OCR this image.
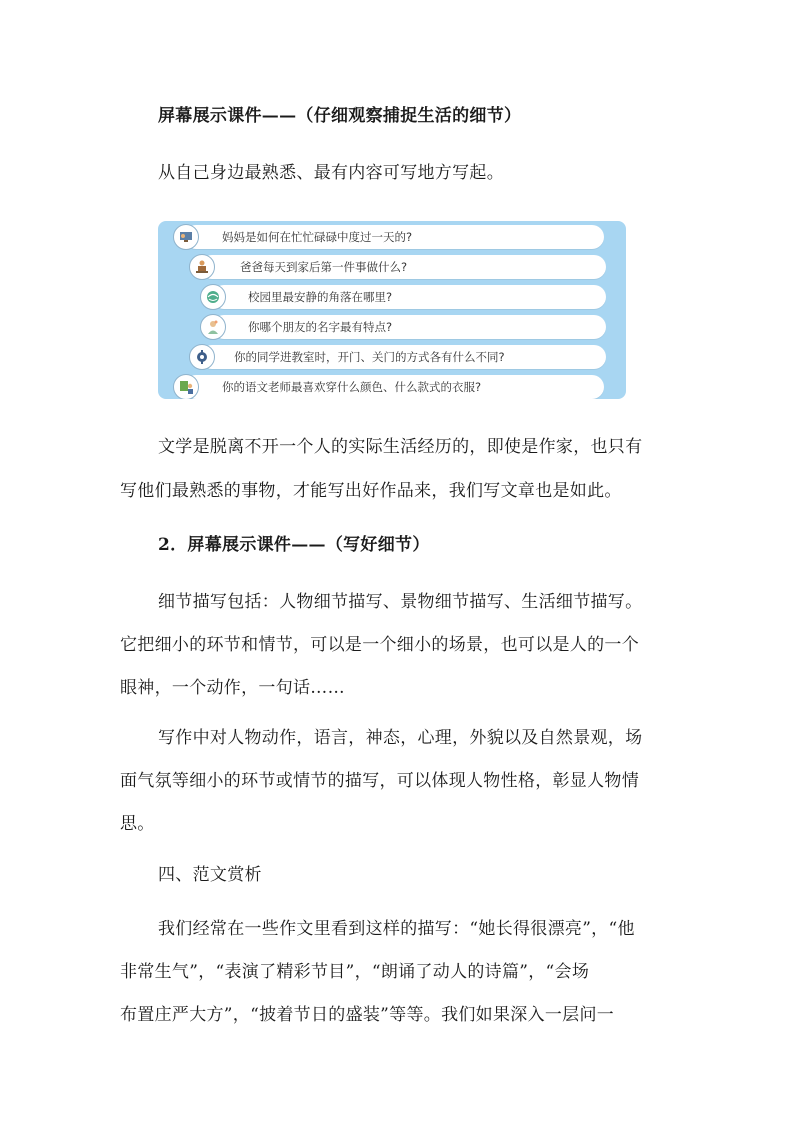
屏幕展示课件——（仔细观察捕捉生活的细节）
从自己身边最熟悉、最有内容可写地方写起。
妈妈是如何在忙忙碌碌中度过一天的?
爸爸每天到家后第一件事做什么?
校园里最安静的角落在哪里?
你哪个朋友的名字最有特点?
你的同学进教室时，开门、关门的方式各有什么不同?
你的语文老师最喜欢穿什么颜色、什么款式的衣服?
文学是脱离不开一个人的实际生活经历的，即使是作家，也只有
写他们最熟悉的事物，才能写出好作品来，我们写文章也是如此。
2．屏幕展示课件——（写好细节）
细节描写包括：人物细节描写、景物细节描写、生活细节描写。
它把细小的环节和情节，可以是一个细小的场景，也可以是人的一个
眼神，一个动作，一句话……
写作中对人物动作，语言，神态，心理，外貌以及自然景观，场
面气氛等细小的环节或情节的描写，可以体现人物性格，彰显人物情
思。
四、范文赏析
我们经常在一些作文里看到这样的描写：“她长得很漂亮”，“他
非常生气”，“表演了精彩节目”，“朗诵了动人的诗篇”，“会场
布置庄严大方”，“披着节日的盛装”等等。我们如果深入一层问一
